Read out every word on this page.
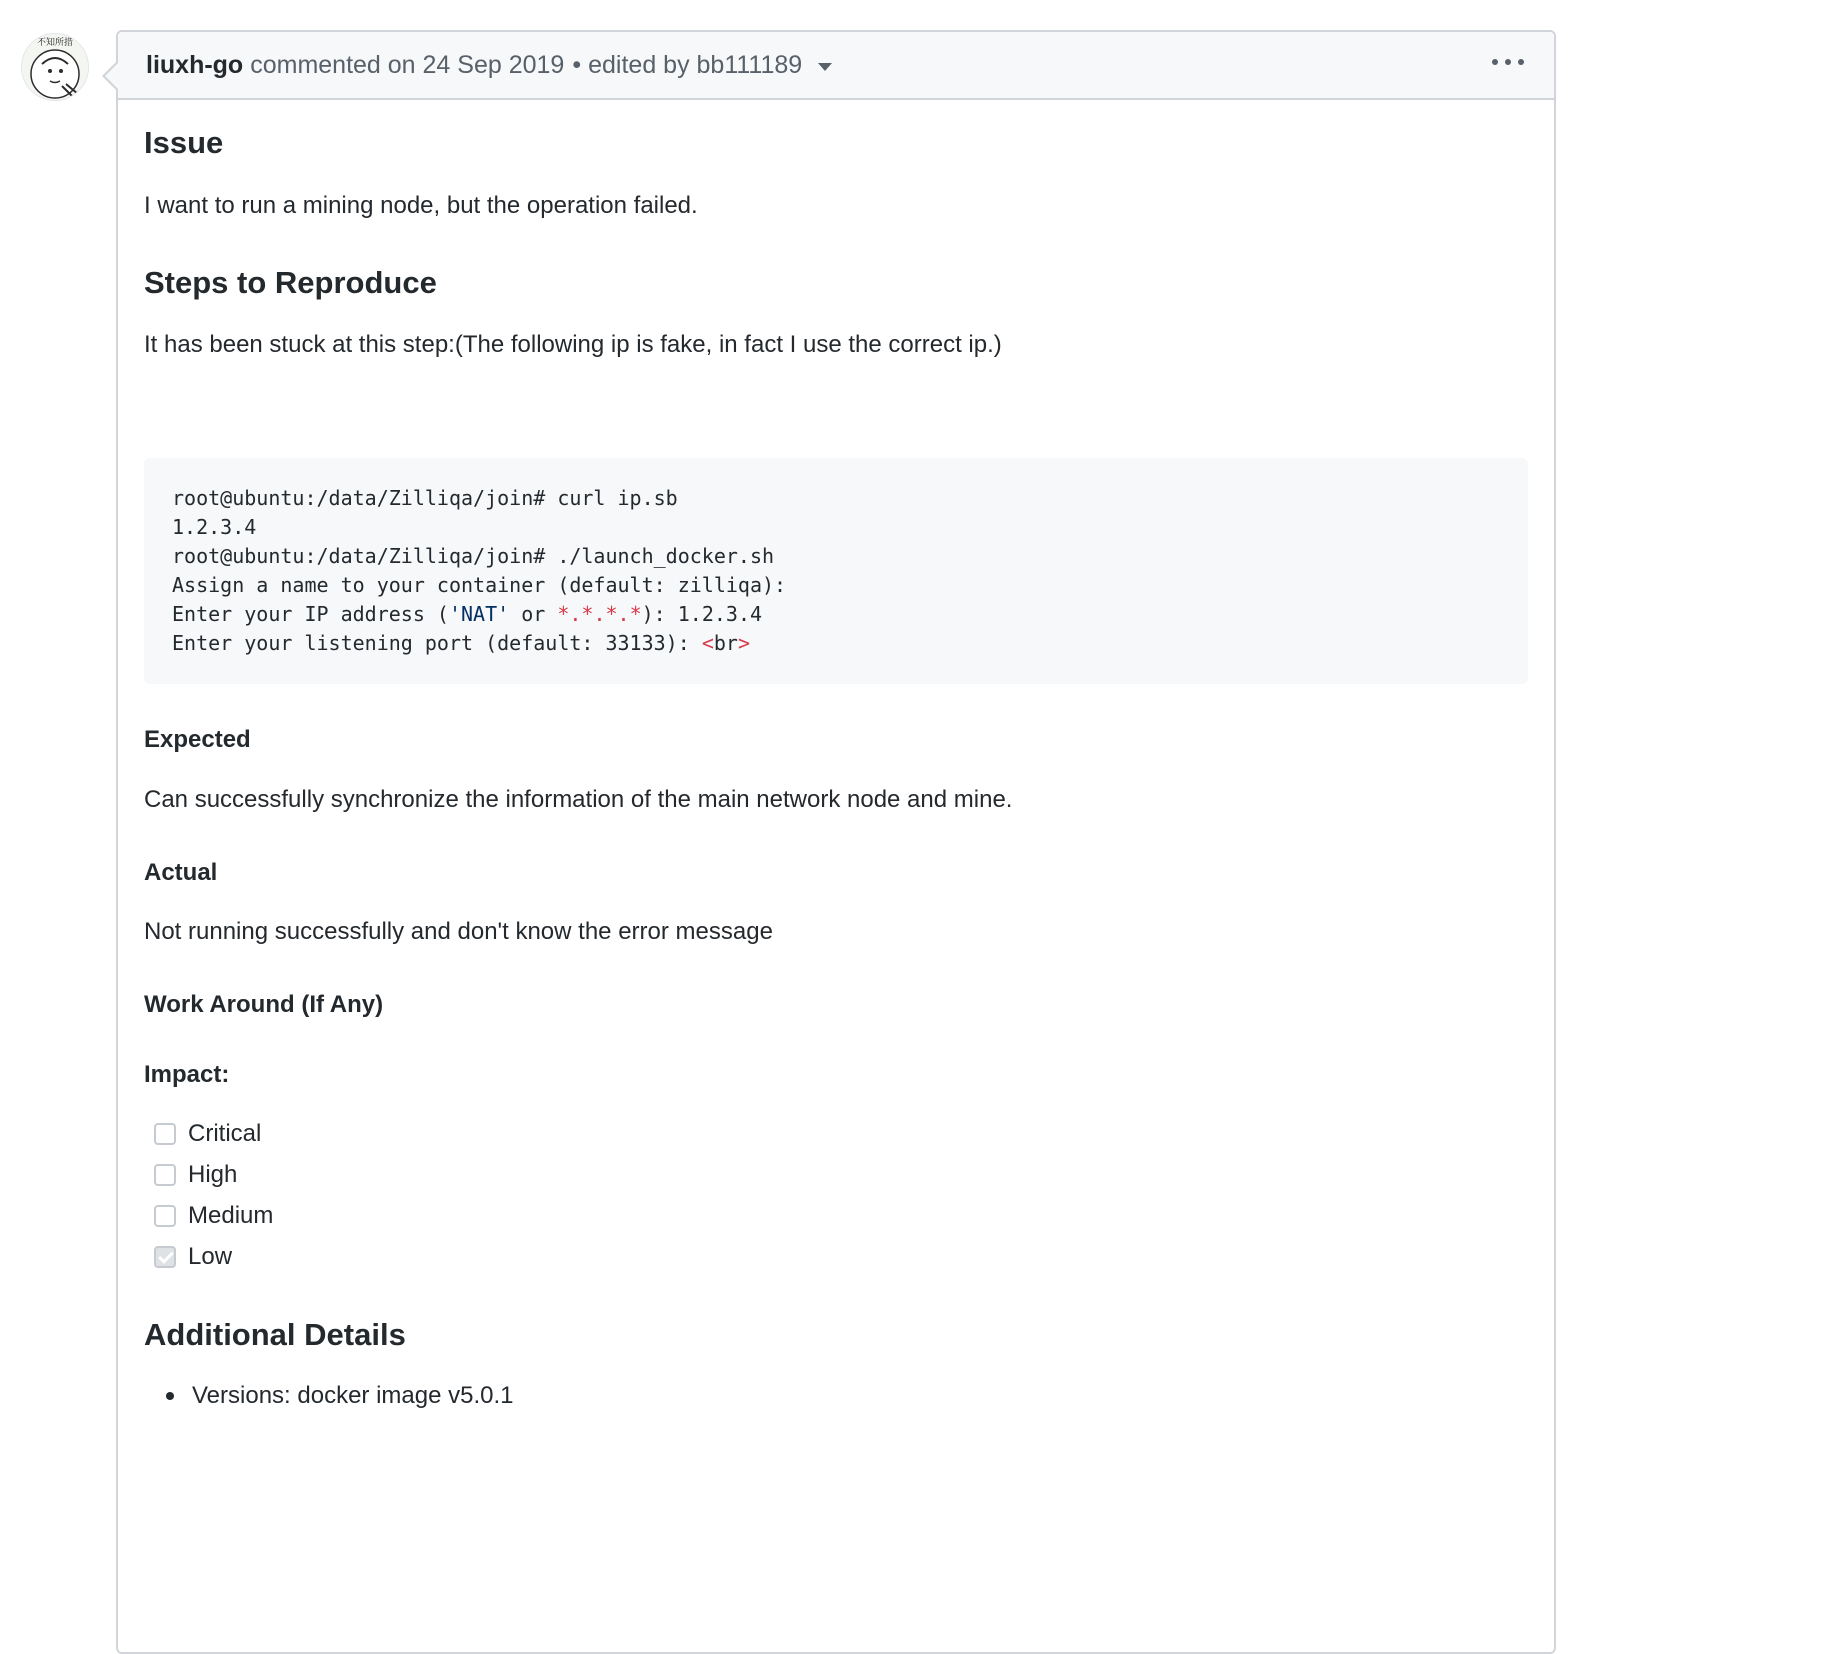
不知所措
liuxh-go commented on 24 Sep 2019 • edited by bb111189
Issue
I want to run a mining node, but the operation failed.
Steps to Reproduce
It has been stuck at this step:(The following ip is fake, in fact I use the correct ip.)
root@ubuntu:/data/Zilliqa/join# curl ip.sb
1.2.3.4
root@ubuntu:/data/Zilliqa/join# ./launch_docker.sh
Assign a name to your container (default: zilliqa):
Enter your IP address ('NAT' or *.*.*.*): 1.2.3.4
Enter your listening port (default: 33133): <br>
Expected
Can successfully synchronize the information of the main network node and mine.
Actual
Not running successfully and don't know the error message
Work Around (If Any)
Impact:
Critical
High
Medium
Low
Additional Details
Versions: docker image v5.0.1
